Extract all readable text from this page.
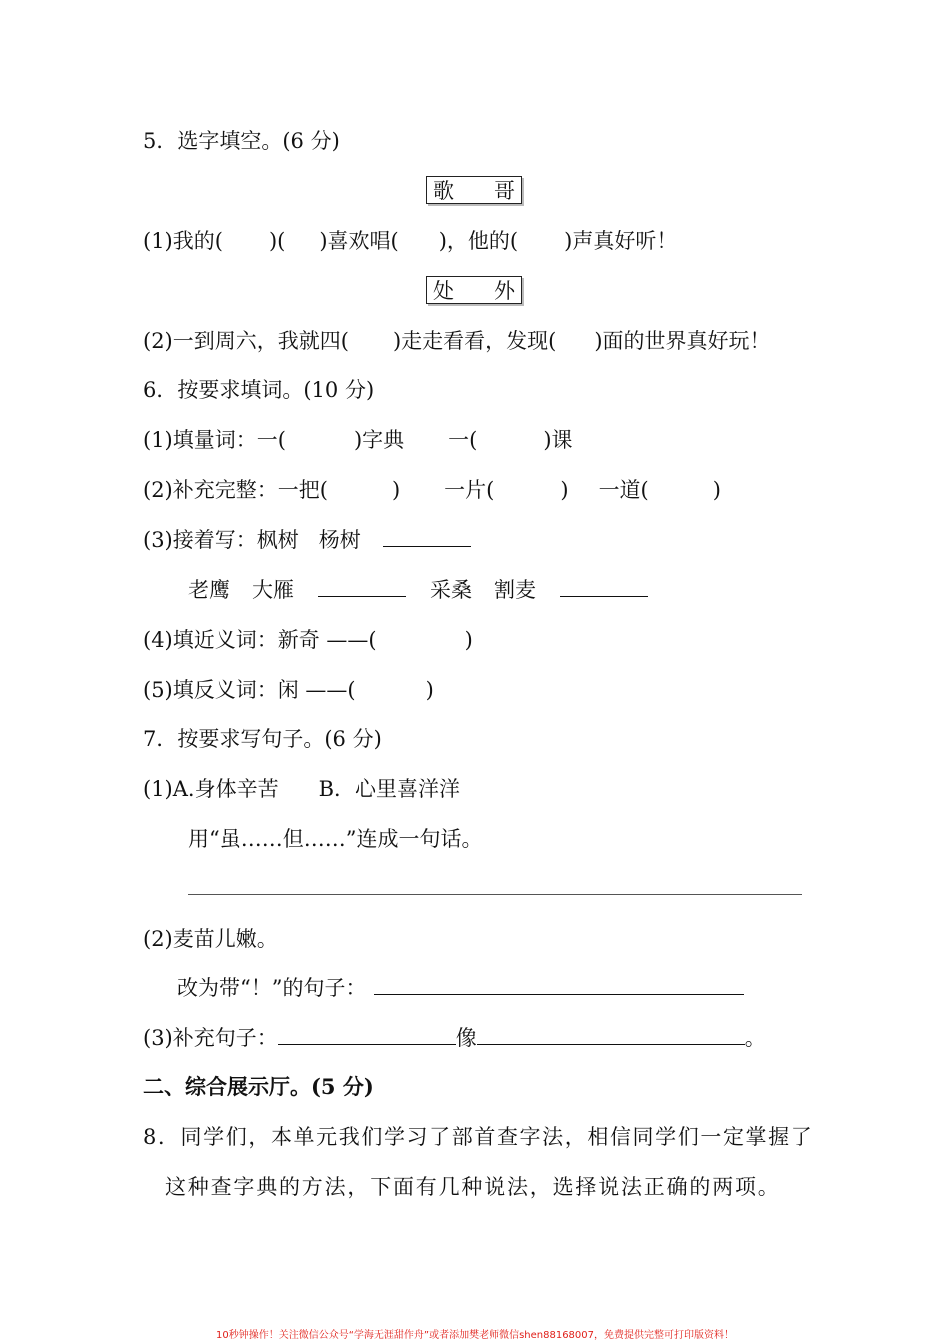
5．选字填空。(6 分)
歌 哥
(1)我的( )( )喜欢唱( )，他的( )声真好听！
处 外
(2)一到周六，我就四( )走走看看，发现( )面的世界真好玩！
6．按要求填词。(10 分)
(1)填量词：一(	)字典 一(	)课
(2)补充完整：一把(	) 一片(	) 一道(	)
(3)接着写：枫树 杨树
老鹰 大雁	采桑 割麦
(4)填近义词：新奇 ——(	)
(5)填反义词：闲 ——(	)
7．按要求写句子。(6 分)
(1)A.身体辛苦 B．心里喜洋洋
用“虽……但……”连成一句话。
(2)麦苗儿嫩。
改为带“！”的句子：
(3)补充句子：	像	。
二、综合展示厅。(5 分)
8．同学们，本单元我们学习了部首查字法，相信同学们一定掌握了
这种查字典的方法，下面有几种说法，选择说法正确的两项。
10秒钟操作！关注微信公众号“学海无涯甜作舟”或者添加樊老师微信shen88168007，免费提供完整可打印版资料！
